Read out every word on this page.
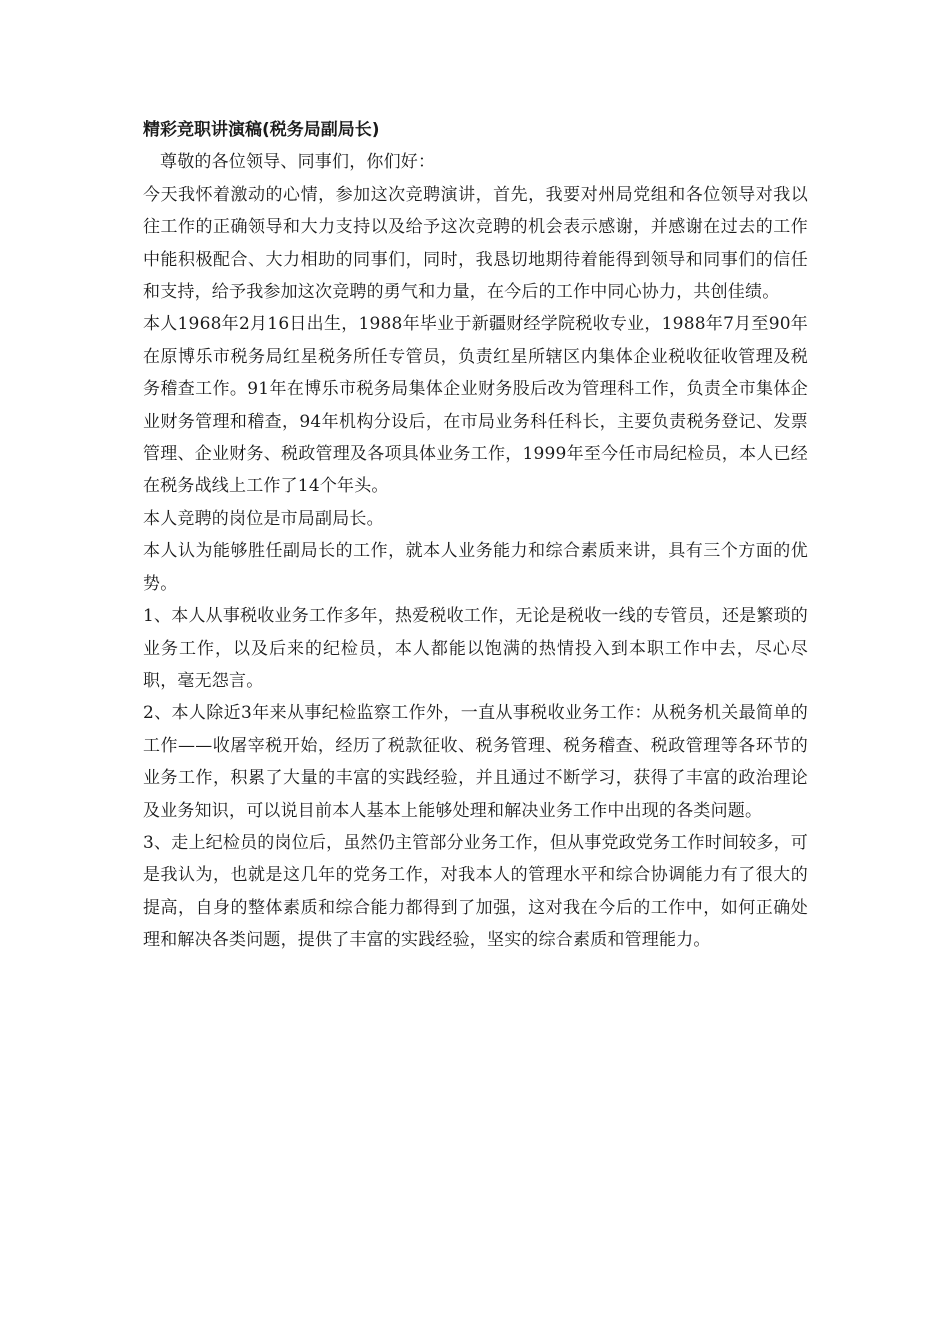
精彩竞职讲演稿(税务局副局长)

尊敬的各位领导、同事们，你们好：

今天我怀着激动的心情，参加这次竞聘演讲，首先，我要对州局党组和各位领导对我以往工作的正确领导和大力支持以及给予这次竞聘的机会表示感谢，并感谢在过去的工作中能积极配合、大力相助的同事们，同时，我恳切地期待着能得到领导和同事们的信任和支持，给予我参加这次竞聘的勇气和力量，在今后的工作中同心协力，共创佳绩。

本人1968年2月16日出生，1988年毕业于新疆财经学院税收专业，1988年7月至90年在原博乐市税务局红星税务所任专管员，负责红星所辖区内集体企业税收征收管理及税务稽查工作。91年在博乐市税务局集体企业财务股后改为管理科工作，负责全市集体企业财务管理和稽查，94年机构分设后，在市局业务科任科长，主要负责税务登记、发票管理、企业财务、税政管理及各项具体业务工作，1999年至今任市局纪检员，本人已经在税务战线上工作了14个年头。

本人竞聘的岗位是市局副局长。

本人认为能够胜任副局长的工作，就本人业务能力和综合素质来讲，具有三个方面的优势。

1、本人从事税收业务工作多年，热爱税收工作，无论是税收一线的专管员，还是繁琐的业务工作，以及后来的纪检员，本人都能以饱满的热情投入到本职工作中去，尽心尽职，毫无怨言。

2、本人除近3年来从事纪检监察工作外，一直从事税收业务工作：从税务机关最简单的工作——收屠宰税开始，经历了税款征收、税务管理、税务稽查、税政管理等各环节的业务工作，积累了大量的丰富的实践经验，并且通过不断学习，获得了丰富的政治理论及业务知识，可以说目前本人基本上能够处理和解决业务工作中出现的各类问题。

3、走上纪检员的岗位后，虽然仍主管部分业务工作，但从事党政党务工作时间较多，可是我认为，也就是这几年的党务工作，对我本人的管理水平和综合协调能力有了很大的提高，自身的整体素质和综合能力都得到了加强，这对我在今后的工作中，如何正确处理和解决各类问题，提供了丰富的实践经验，坚实的综合素质和管理能力。
